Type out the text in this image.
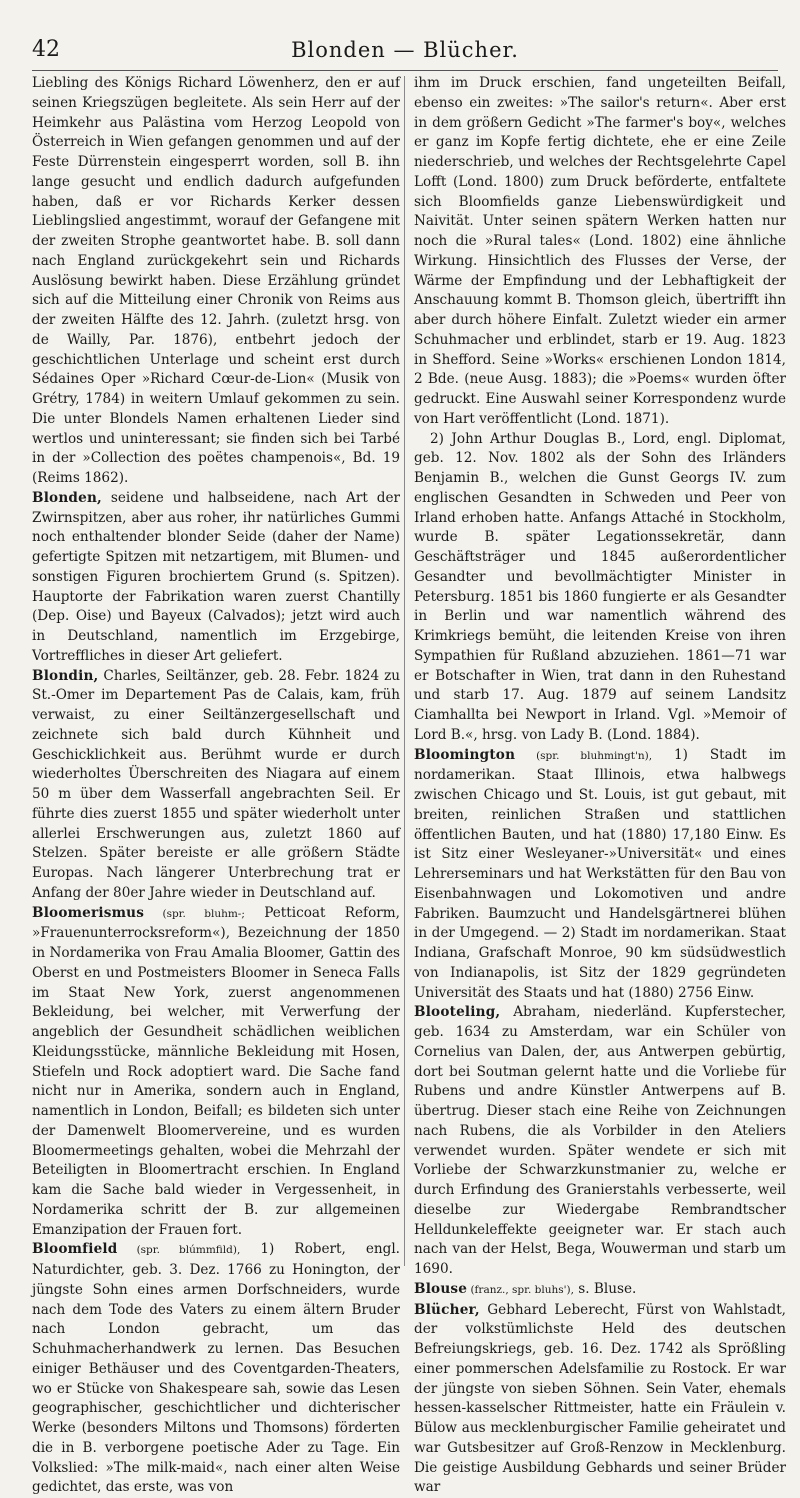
42	Blonden — Blücher.

Liebling des Königs Richard Löwenherz, den er auf seinen Kriegszügen begleitete. Als sein Herr auf der Heimkehr aus Palästina vom Herzog Leopold von Österreich in Wien gefangen genommen und auf der Feste Dürrenstein eingesperrt worden, soll B. ihn lange gesucht und endlich dadurch aufgefunden haben, daß er vor Richards Kerker dessen Lieblingslied angestimmt, worauf der Gefangene mit der zweiten Strophe geantwortet habe. B. soll dann nach England zurückgekehrt sein und Richards Auslösung bewirkt haben. Diese Erzählung gründet sich auf die Mitteilung einer Chronik von Reims aus der zweiten Hälfte des 12. Jahrh. (zuletzt hrsg. von de Wailly, Par. 1876), entbehrt jedoch der geschichtlichen Unterlage und scheint erst durch Sédaines Oper »Richard Cœur-de-Lion« (Musik von Grétry, 1784) in weitern Umlauf gekommen zu sein. Die unter Blondels Namen erhaltenen Lieder sind wertlos und uninteressant; sie finden sich bei Tarbé in der »Collection des poëtes champenois«, Bd. 19 (Reims 1862).

Blonden, seidene und halbseidene, nach Art der Zwirnspitzen, aber aus roher, ihr natürliches Gummi noch enthaltender blonder Seide (daher der Name) gefertigte Spitzen mit netzartigem, mit Blumen- und sonstigen Figuren brochiertem Grund (s. Spitzen). Hauptorte der Fabrikation waren zuerst Chantilly (Dep. Oise) und Bayeux (Calvados); jetzt wird auch in Deutschland, namentlich im Erzgebirge, Vortreffliches in dieser Art geliefert.

Blondin, Charles, Seiltänzer, geb. 28. Febr. 1824 zu St.-Omer im Departement Pas de Calais, kam, früh verwaist, zu einer Seiltänzergesellschaft und zeichnete sich bald durch Kühnheit und Geschicklichkeit aus. Berühmt wurde er durch wiederholtes Überschreiten des Niagara auf einem 50 m über dem Wasserfall angebrachten Seil. Er führte dies zuerst 1855 und später wiederholt unter allerlei Erschwerungen aus, zuletzt 1860 auf Stelzen. Später bereiste er alle größern Städte Europas. Nach längerer Unterbrechung trat er Anfang der 80er Jahre wieder in Deutschland auf.

Bloomerismus (spr. bluhm-; Petticoat Reform, »Frauenunterrocksreform«), Bezeichnung der 1850 in Nordamerika von Frau Amalia Bloomer, Gattin des Oberst en und Postmeisters Bloomer in Seneca Falls im Staat New York, zuerst angenommenen Bekleidung, bei welcher, mit Verwerfung der angeblich der Gesundheit schädlichen weiblichen Kleidungsstücke, männliche Bekleidung mit Hosen, Stiefeln und Rock adoptiert ward. Die Sache fand nicht nur in Amerika, sondern auch in England, namentlich in London, Beifall; es bildeten sich unter der Damenwelt Bloomervereine, und es wurden Bloomermeetings gehalten, wobei die Mehrzahl der Beteiligten in Bloomertracht erschien. In England kam die Sache bald wieder in Vergessenheit, in Nordamerika schritt der B. zur allgemeinen Emanzipation der Frauen fort.

Bloomfield (spr. blúmmfild), 1) Robert, engl. Naturdichter, geb. 3. Dez. 1766 zu Honington, der jüngste Sohn eines armen Dorfschneiders, wurde nach dem Tode des Vaters zu einem ältern Bruder nach London gebracht, um das Schuhmacherhandwerk zu lernen. Das Besuchen einiger Bethäuser und des Coventgarden-Theaters, wo er Stücke von Shakespeare sah, sowie das Lesen geographischer, geschichtlicher und dichterischer Werke (besonders Miltons und Thomsons) förderten die in B. verborgene poetische Ader zu Tage. Ein Volkslied: »The milk-maid«, nach einer alten Weise gedichtet, das erste, was von

ihm im Druck erschien, fand ungeteilten Beifall, ebenso ein zweites: »The sailor's return«. Aber erst in dem größern Gedicht »The farmer's boy«, welches er ganz im Kopfe fertig dichtete, ehe er eine Zeile niederschrieb, und welches der Rechtsgelehrte Capel Lofft (Lond. 1800) zum Druck beförderte, entfaltete sich Bloomfields ganze Liebenswürdigkeit und Naivität. Unter seinen spätern Werken hatten nur noch die »Rural tales« (Lond. 1802) eine ähnliche Wirkung. Hinsichtlich des Flusses der Verse, der Wärme der Empfindung und der Lebhaftigkeit der Anschauung kommt B. Thomson gleich, übertrifft ihn aber durch höhere Einfalt. Zuletzt wieder ein armer Schuhmacher und erblindet, starb er 19. Aug. 1823 in Shefford. Seine »Works« erschienen London 1814, 2 Bde. (neue Ausg. 1883); die »Poems« wurden öfter gedruckt. Eine Auswahl seiner Korrespondenz wurde von Hart veröffentlicht (Lond. 1871).

2) John Arthur Douglas B., Lord, engl. Diplomat, geb. 12. Nov. 1802 als der Sohn des Irländers Benjamin B., welchen die Gunst Georgs IV. zum englischen Gesandten in Schweden und Peer von Irland erhoben hatte. Anfangs Attaché in Stockholm, wurde B. später Legationssekretär, dann Geschäftsträger und 1845 außerordentlicher Gesandter und bevollmächtigter Minister in Petersburg. 1851 bis 1860 fungierte er als Gesandter in Berlin und war namentlich während des Krimkriegs bemüht, die leitenden Kreise von ihren Sympathien für Rußland abzuziehen. 1861—71 war er Botschafter in Wien, trat dann in den Ruhestand und starb 17. Aug. 1879 auf seinem Landsitz Ciamhallta bei Newport in Irland. Vgl. »Memoir of Lord B.«, hrsg. von Lady B. (Lond. 1884).

Bloomington (spr. bluhmingt'n), 1) Stadt im nordamerikan. Staat Illinois, etwa halbwegs zwischen Chicago und St. Louis, ist gut gebaut, mit breiten, reinlichen Straßen und stattlichen öffentlichen Bauten, und hat (1880) 17,180 Einw. Es ist Sitz einer Wesleyaner-»Universität« und eines Lehrerseminars und hat Werkstätten für den Bau von Eisenbahnwagen und Lokomotiven und andre Fabriken. Baumzucht und Handelsgärtnerei blühen in der Umgegend. — 2) Stadt im nordamerikan. Staat Indiana, Grafschaft Monroe, 90 km südsüdwestlich von Indianapolis, ist Sitz der 1829 gegründeten Universität des Staats und hat (1880) 2756 Einw.

Blooteling, Abraham, niederländ. Kupferstecher, geb. 1634 zu Amsterdam, war ein Schüler von Cornelius van Dalen, der, aus Antwerpen gebürtig, dort bei Soutman gelernt hatte und die Vorliebe für Rubens und andre Künstler Antwerpens auf B. übertrug. Dieser stach eine Reihe von Zeichnungen nach Rubens, die als Vorbilder in den Ateliers verwendet wurden. Später wendete er sich mit Vorliebe der Schwarzkunstmanier zu, welche er durch Erfindung des Granierstahls verbesserte, weil dieselbe zur Wiedergabe Rembrandtscher Helldunkeleffekte geeigneter war. Er stach auch nach van der Helst, Bega, Wouwerman und starb um 1690.

Blouse (franz., spr. bluhs'), s. Bluse.

Blücher, Gebhard Leberecht, Fürst von Wahlstadt, der volkstümlichste Held des deutschen Befreiungskriegs, geb. 16. Dez. 1742 als Sprößling einer pommerschen Adelsfamilie zu Rostock. Er war der jüngste von sieben Söhnen. Sein Vater, ehemals hessen-kasselscher Rittmeister, hatte ein Fräulein v. Bülow aus mecklenburgischer Familie geheiratet und war Gutsbesitzer auf Groß-Renzow in Mecklenburg. Die geistige Ausbildung Gebhards und seiner Brüder war
